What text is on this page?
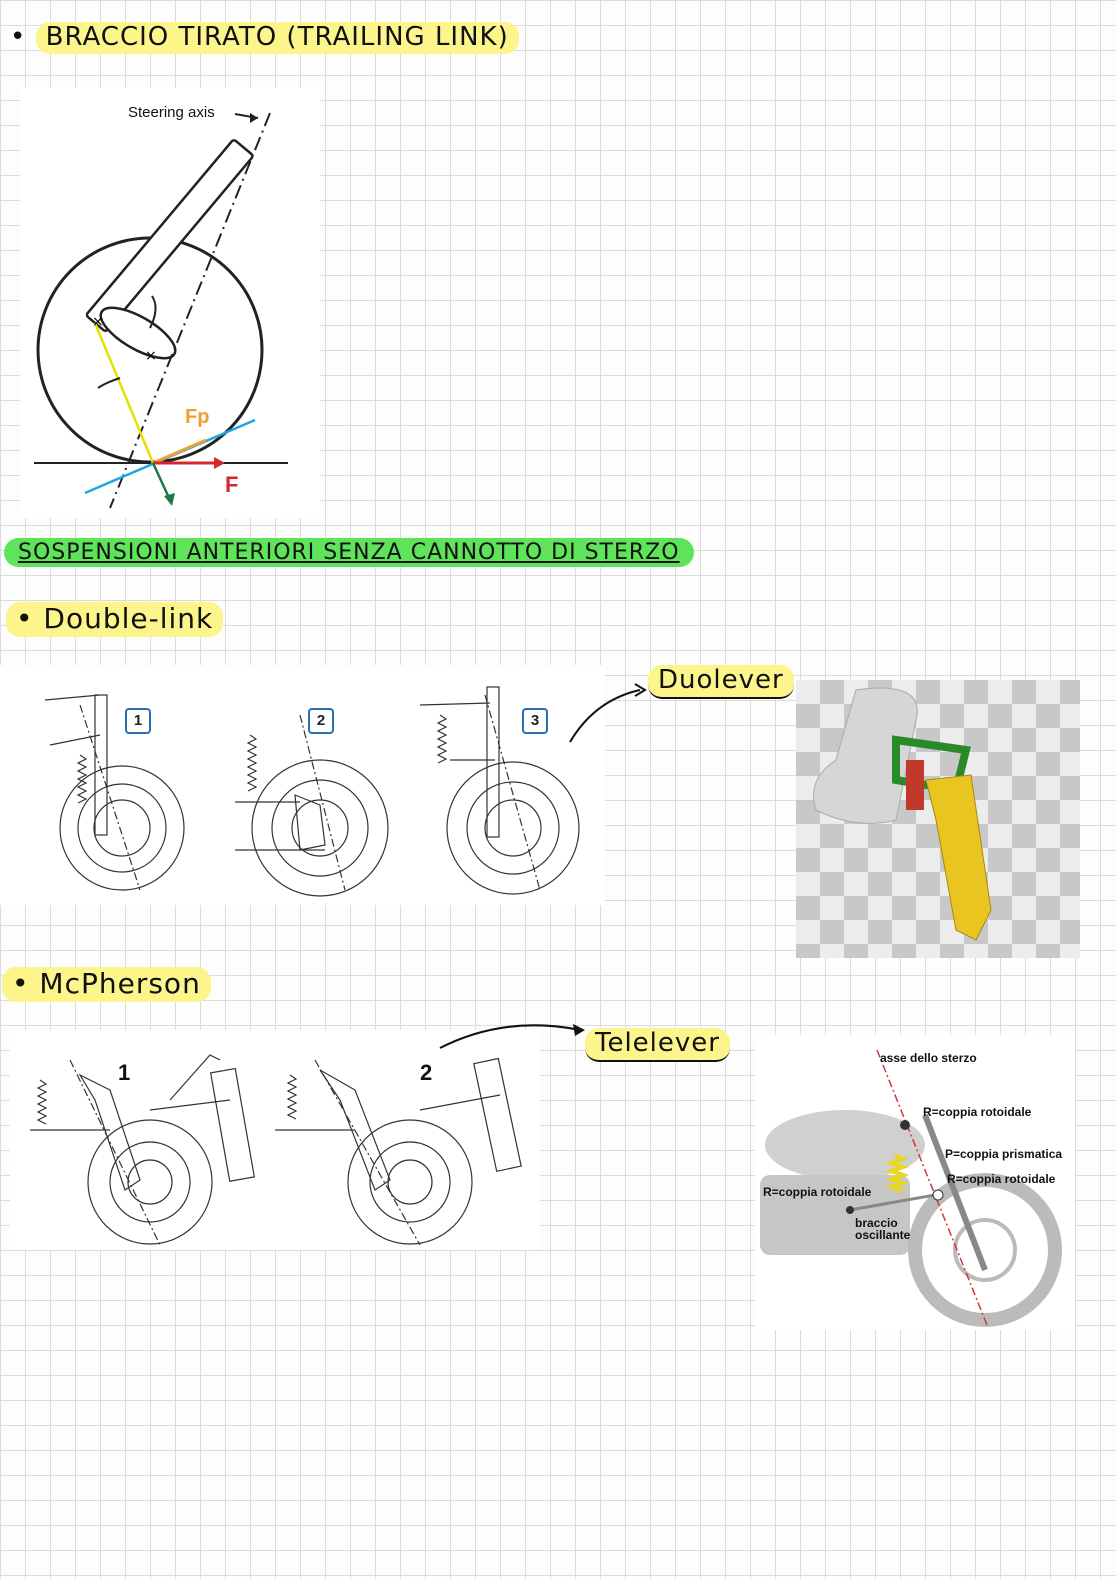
• BRACCIO TIRATO (TRAILING LINK)
×
×
Steering axis
Fp
F
SOSPENSIONI ANTERIORI SENZA CANNOTTO DI STERZO
• Double-link
1	2	3
Duolever
• McPherson
1	2
Telelever	asse dello sterzo
R=coppia rotoidale
P=coppia prismatica
R=coppia rotoidale
R=coppia rotoidale
braccio oscillante
